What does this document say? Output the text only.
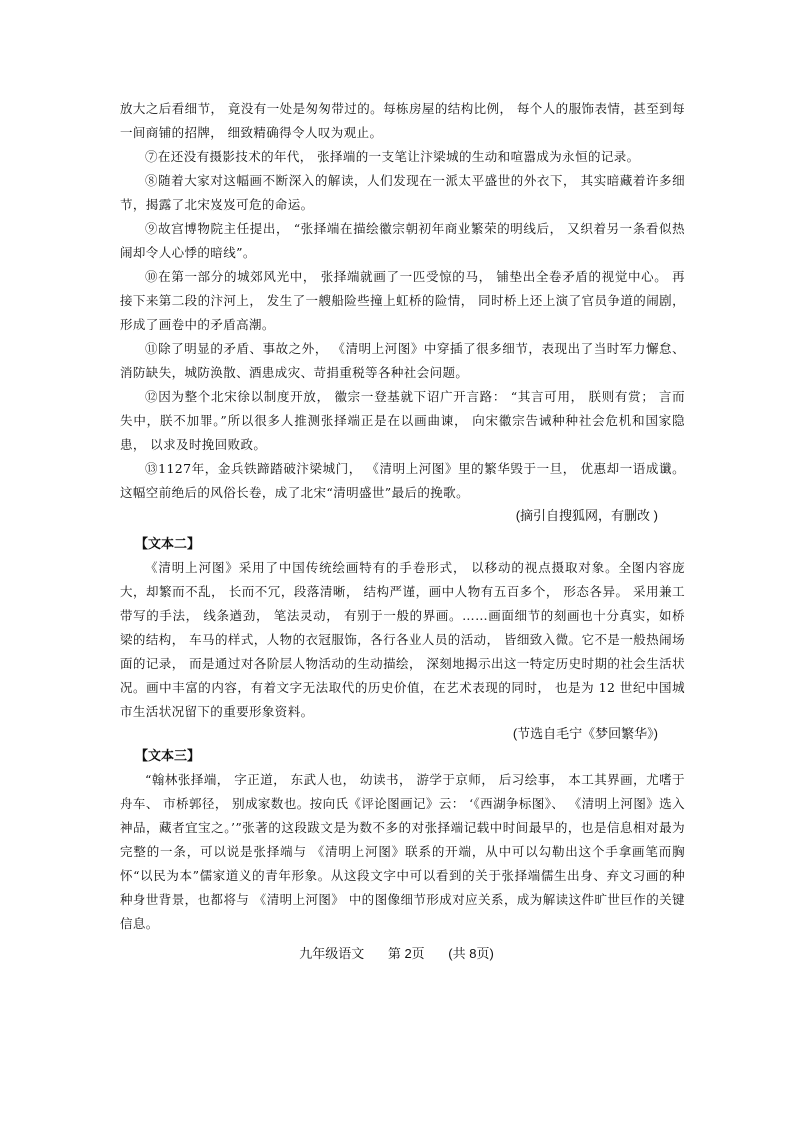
放大之后看细节， 竟没有一处是匆匆带过的。每栋房屋的结构比例， 每个人的服饰表情，甚至到每一间商铺的招牌， 细致精确得令人叹为观止。

⑦在还没有摄影技术的年代， 张择端的一支笔让汴梁城的生动和喧嚣成为永恒的记录。

⑧随着大家对这幅画不断深入的解读，人们发现在一派太平盛世的外衣下， 其实暗藏着许多细节，揭露了北宋岌岌可危的命运。

⑨故宫博物院主任提出， “张择端在描绘徽宗朝初年商业繁荣的明线后， 又织着另一条看似热闹却令人心悸的暗线”。

⑩在第一部分的城郊风光中， 张择端就画了一匹受惊的马， 铺垫出全卷矛盾的视觉中心。 再接下来第二段的汴河上， 发生了一艘船险些撞上虹桥的险情， 同时桥上还上演了官员争道的闹剧，形成了画卷中的矛盾高潮。

⑪除了明显的矛盾、事故之外， 《清明上河图》中穿插了很多细节，表现出了当时军力懈怠、消防缺失，城防涣散、酒患成灾、苛捐重税等各种社会问题。

⑫因为整个北宋徐以制度开放， 徽宗一登基就下诏广开言路： “其言可用， 朕则有赏； 言而失中，朕不加罪。”所以很多人推测张择端正是在以画曲谏， 向宋徽宗告诫种种社会危机和国家隐患， 以求及时挽回败政。

⑬1127年，金兵铁蹄踏破汴梁城门， 《清明上河图》里的繁华毁于一旦， 优惠却一语成谶。这幅空前绝后的风俗长卷，成了北宋“清明盛世”最后的挽歌。

(摘引自搜狐网，有删改 )
【文本二】

《清明上河图》采用了中国传统绘画特有的手卷形式， 以移动的视点摄取对象。全图内容庞大，却繁而不乱， 长而不冗，段落清晰， 结构严谨，画中人物有五百多个， 形态各异。 采用兼工带写的手法， 线条遒劲， 笔法灵动， 有别于一般的界画。……画面细节的刻画也十分真实，如桥梁的结构， 车马的样式，人物的衣冠服饰，各行各业人员的活动， 皆细致入微。它不是一般热闹场面的记录， 而是通过对各阶层人物活动的生动描绘， 深刻地揭示出这一特定历史时期的社会生活状况。画中丰富的内容，有着文字无法取代的历史价值，在艺术表现的同时， 也是为 12 世纪中国城市生活状况留下的重要形象资料。

(节选自毛宁《梦回繁华》)
【文本三】

“翰林张择端， 字正道， 东武人也， 幼读书， 游学于京师， 后习绘事， 本工其界画，尤嗜于舟车、 市桥郭径， 别成家数也。按向氏《评论图画记》云： ‘《西湖争标图》、 《清明上河图》选入神品，藏者宜宝之。’”张著的这段跋文是为数不多的对张择端记载中时间最早的，也是信息相对最为完整的一条，可以说是张择端与 《清明上河图》联系的开端，从中可以勾勒出这个手拿画笔而胸怀“以民为本”儒家道义的青年形象。从这段文字中可以看到的关于张择端儒生出身、弃文习画的种种身世背景，也都将与 《清明上河图》 中的图像细节形成对应关系，成为解读这件旷世巨作的关键信息。

九年级语文 第 2页 (共 8页)
